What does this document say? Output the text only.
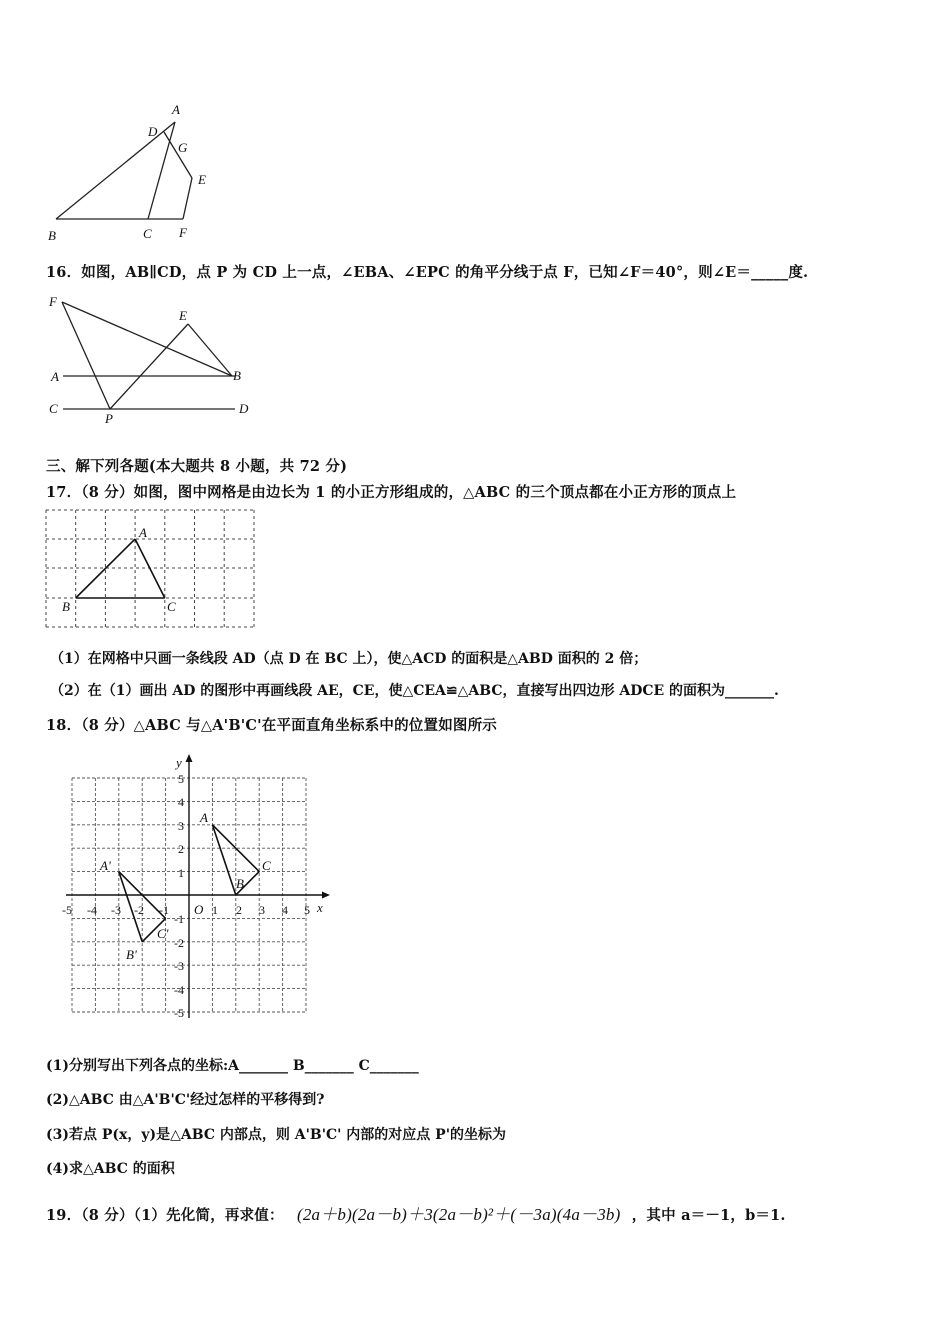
A
D
G
E
B	C F
16．如图，AB∥CD，点 P 为 CD 上一点，∠EBA、∠EPC 的角平分线于点 F，已知∠F＝40°，则∠E＝_____度.
F
E
A	B
C
P
D
三、解下列各题(本大题共 8 小题，共 72 分)
17．（8 分）如图，图中网格是由边长为 1 的小正方形组成的，△ABC 的三个顶点都在小正方形的顶点上
A
B	C
（1）在网格中只画一条线段 AD（点 D 在 BC 上），使△ACD 的面积是△ABD 面积的 2 倍；
（2）在（1）画出 AD 的图形中再画线段 AE，CE，使△CEA≌△ABC，直接写出四边形 ADCE 的面积为_______.
18．（8 分）△ABC 与△A'B'C'在平面直角坐标系中的位置如图所示
x
y
O
-5 -4 -3 -2 -1	1 2 3 4 5
5
4
3
2
1
-1
-2
-3
-4
-5
A
B
C
A'
B'
C'
(1)分别写出下列各点的坐标:A_______ B_______ C_______
(2)△ABC 由△A'B'C'经过怎样的平移得到?
(3)若点 P(x，y)是△ABC 内部点，则 A'B'C' 内部的对应点 P'的坐标为
(4)求△ABC 的面积
19．（8 分）（1）先化简，再求值： (2a＋b)(2a－b)＋3(2a－b)²＋(－3a)(4a－3b) ，其中 a＝－1，b＝1.
